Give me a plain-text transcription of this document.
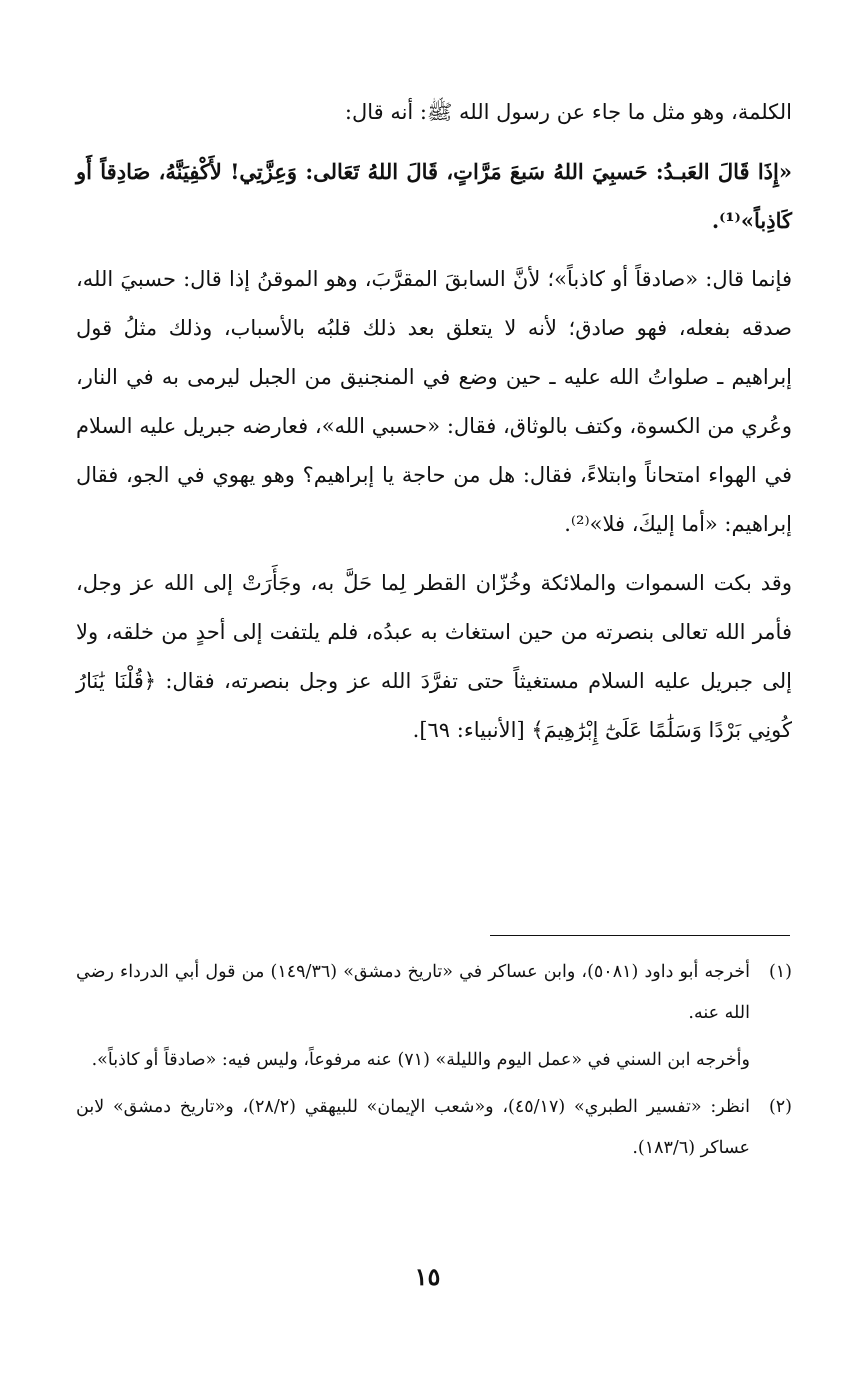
الكلمة، وهو مثل ما جاء عن رسول الله ﷺ: أنه قال:

«إِذَا قَالَ العَبـدُ: حَسبِيَ اللهُ سَبعَ مَرَّاتٍ، قَالَ اللهُ تَعَالى: وَعِزَّتِي! لأَكْفِيَنَّهُ، صَادِقاً أَو كَاذِباً»⁽¹⁾.

فإنما قال: «صادقاً أو كاذباً»؛ لأنَّ السابقَ المقرَّبَ، وهو الموقنُ إذا قال: حسبيَ الله، صدقه بفعله، فهو صادق؛ لأنه لا يتعلق بعد ذلك قلبُه بالأسباب، وذلك مثلُ قول إبراهيم ـ صلواتُ الله عليه ـ حين وضع في المنجنيق من الجبل ليرمى به في النار، وعُري من الكسوة، وكتف بالوثاق، فقال: «حسبي الله»، فعارضه جبريل عليه السلام في الهواء امتحاناً وابتلاءً، فقال: هل من حاجة يا إبراهيم؟ وهو يهوي في الجو، فقال إبراهيم: «أما إليكَ، فلا»⁽²⁾.

وقد بكت السموات والملائكة وخُزّان القطر لِما حَلَّ به، وجَأَرَتْ إلى الله عز وجل، فأمر الله تعالى بنصرته من حين استغاث به عبدُه، فلم يلتفت إلى أحدٍ من خلقه، ولا إلى جبريل عليه السلام مستغيثاً حتى تفرَّدَ الله عز وجل بنصرته، فقال: ﴿قُلْنَا يَٰنَارُ كُونِي بَرْدًا وَسَلَٰمًا عَلَىٰٓ إِبْرَٰهِيمَ﴾ [الأنبياء: ٦٩].

(١)
أخرجه أبو داود (٥٠٨١)، وابن عساكر في «تاريخ دمشق» (١٤٩/٣٦) من قول أبي الدرداء رضي الله عنه.

وأخرجه ابن السني في «عمل اليوم والليلة» (٧١) عنه مرفوعاً، وليس فيه: «صادقاً أو كاذباً».

(٢)
انظر: «تفسير الطبري» (٤٥/١٧)، و«شعب الإيمان» للبيهقي (٢٨/٢)، و«تاريخ دمشق» لابن عساكر (١٨٣/٦).

١٥
